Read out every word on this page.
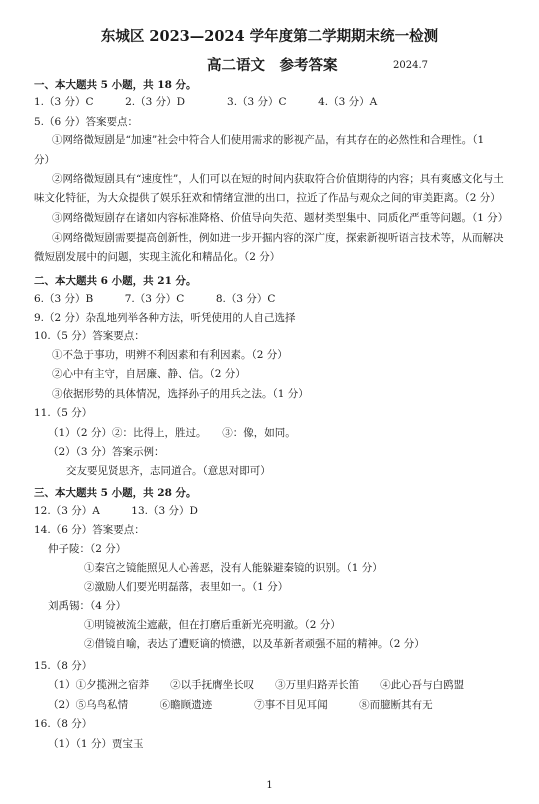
东城区 2023—2024 学年度第二学期期末统一检测
高二语文　参考答案	2024.7
一、本大题共 5 小题，共 18 分。
1.（3 分）C　　　2.（3 分）D　　　　3.（3 分）C　　　4.（3 分）A
5.（6 分）答案要点：
①网络微短剧是“加速”社会中符合人们使用需求的影视产品，有其存在的必然性和合理性。（1
分）
②网络微短剧具有“速度性”，人们可以在短的时间内获取符合价值期待的内容；具有爽感文化与土
味文化特征，为大众提供了娱乐狂欢和情绪宣泄的出口，拉近了作品与观众之间的审美距离。（2 分）
③网络微短剧存在诸如内容标准降格、价值导向失范、题材类型集中、同质化严重等问题。（1 分）
④网络微短剧需要提高创新性，例如进一步开掘内容的深广度，探索新视听语言技术等，从而解决
微短剧发展中的问题，实现主流化和精品化。（2 分）
二、本大题共 6 小题，共 21 分。
6.（3 分）B　　　7.（3 分）C　　　8.（3 分）C
9.（2 分）杂乱地列举各种方法，听凭使用的人自己选择
10.（5 分）答案要点：
①不急于事功，明辨不利因素和有利因素。（2 分）
②心中有主守，自居廉、静、信。（2 分）
③依据形势的具体情况，选择孙子的用兵之法。（1 分）
11.（5 分）
（1）（2 分）②：比得上，胜过。　　③：像，如同。
（2）（3 分）答案示例：
交友要见贤思齐，志同道合。（意思对即可）
三、本大题共 5 小题，共 28 分。
12.（3 分）A　　　13.（3 分）D
14.（6 分）答案要点：
仲子陵：（2 分）
①秦宫之镜能照见人心善恶，没有人能躲避秦镜的识别。（1 分）
②激励人们要光明磊落，表里如一。（1 分）
刘禹锡：（4 分）
①明镜被流尘遮蔽，但在打磨后重新光亮明澈。（2 分）
②借镜自喻，表达了遭贬谪的愤懑，以及革新者顽强不屈的精神。（2 分）
15.（8 分）
（1）①夕揽洲之宿莽　　②以手抚膺坐长叹　　③万里归路弄长笛　　④此心吾与白鸥盟
（2）⑤乌鸟私情　　　⑥瞻顾遗迹　　　　⑦事不目见耳闻　　　⑧而臆断其有无
16.（8 分）
（1）（1 分）贾宝玉
1
